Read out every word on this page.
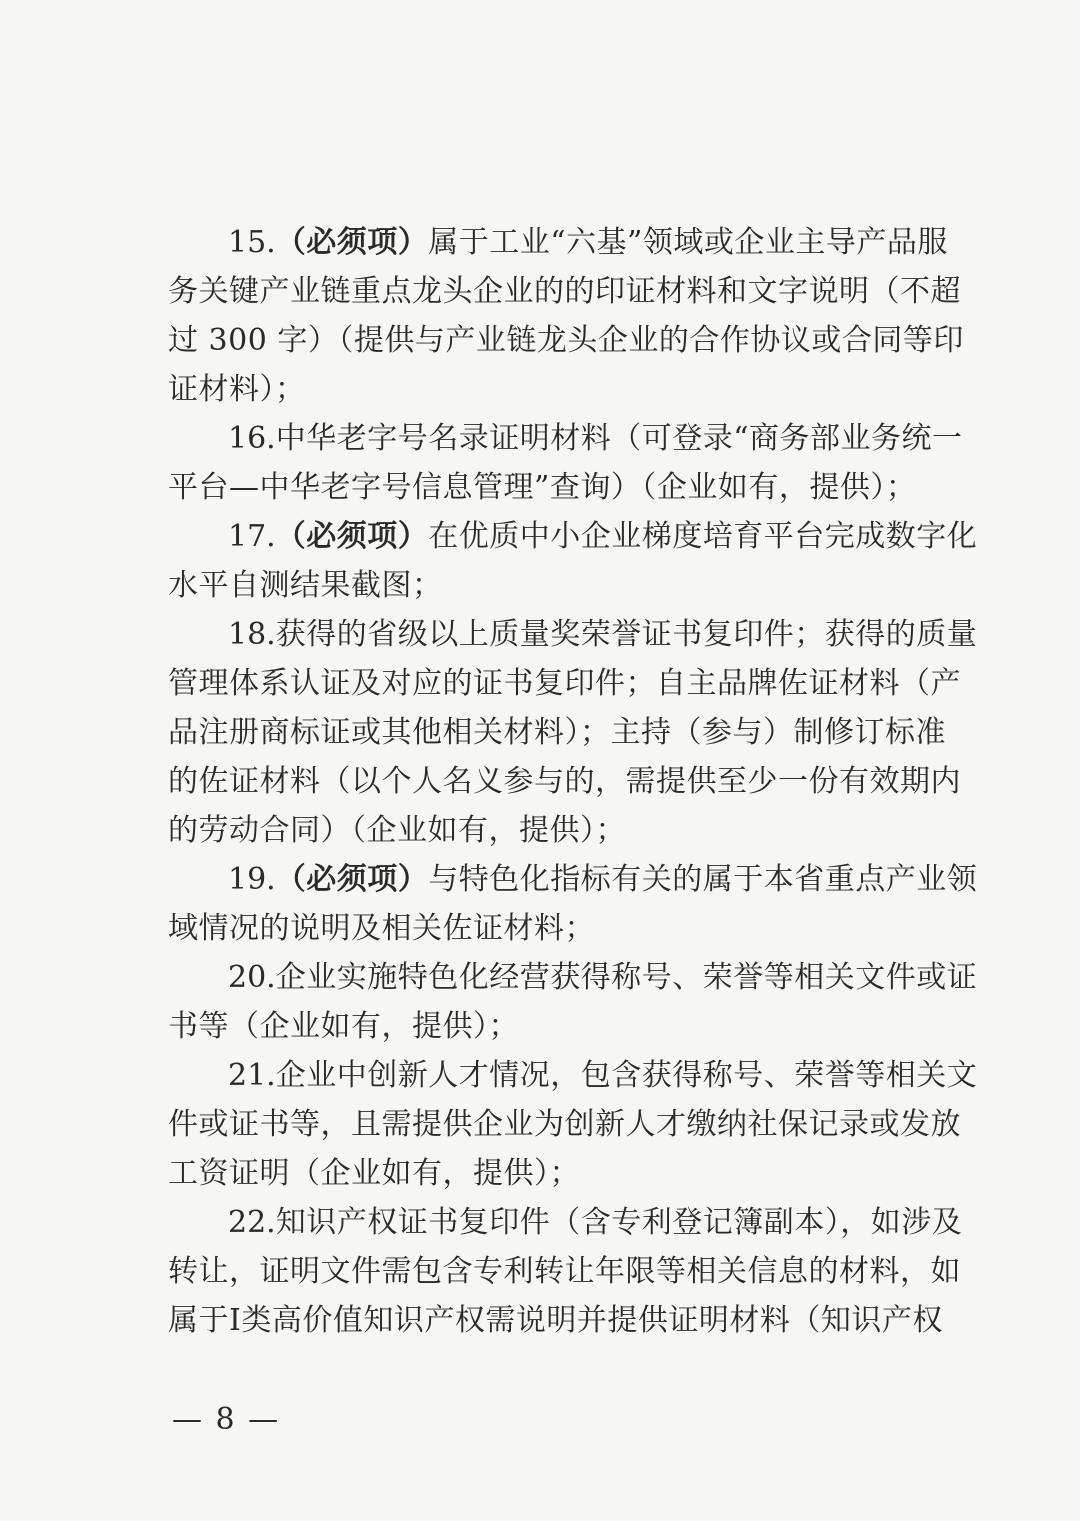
15.（必须项）属于工业“六基”领域或企业主导产品服
务关键产业链重点龙头企业的的印证材料和文字说明（不超
过 300 字）（提供与产业链龙头企业的合作协议或合同等印
证材料）；

16.中华老字号名录证明材料（可登录“商务部业务统一
平台—中华老字号信息管理”查询）（企业如有，提供）；

17.（必须项）在优质中小企业梯度培育平台完成数字化
水平自测结果截图；

18.获得的省级以上质量奖荣誉证书复印件；获得的质量
管理体系认证及对应的证书复印件；自主品牌佐证材料（产
品注册商标证或其他相关材料）；主持（参与）制修订标准
的佐证材料（以个人名义参与的，需提供至少一份有效期内
的劳动合同）（企业如有，提供）；

19.（必须项）与特色化指标有关的属于本省重点产业领
域情况的说明及相关佐证材料；

20.企业实施特色化经营获得称号、荣誉等相关文件或证
书等（企业如有，提供）；

21.企业中创新人才情况，包含获得称号、荣誉等相关文
件或证书等，且需提供企业为创新人才缴纳社保记录或发放
工资证明（企业如有，提供）；

22.知识产权证书复印件（含专利登记簿副本），如涉及
转让，证明文件需包含专利转让年限等相关信息的材料，如
属于Ⅰ类高价值知识产权需说明并提供证明材料（知识产权

— 8 —
